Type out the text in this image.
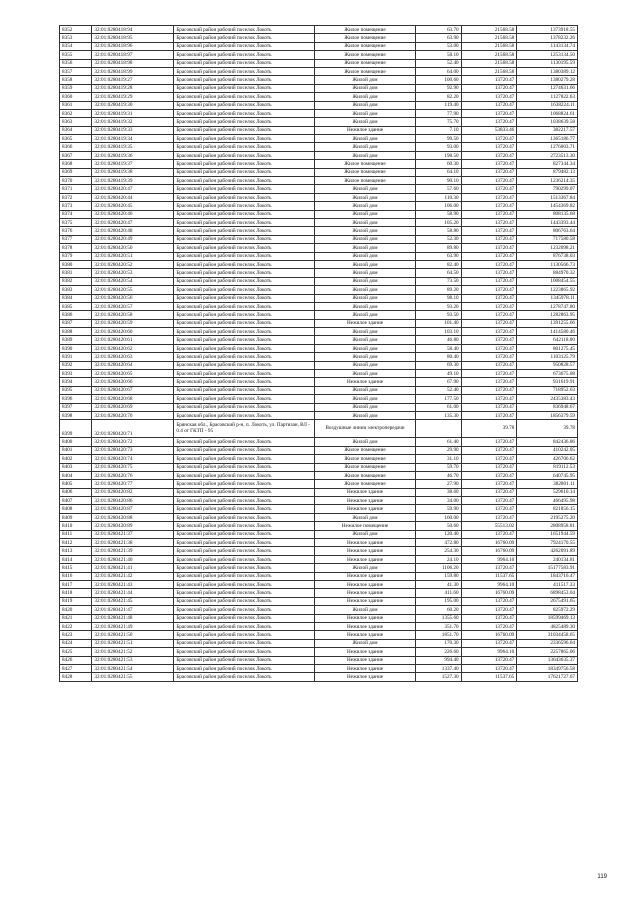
8352	32:01:0280418:94	Брасовский район рабочий поселок Локоть	Жилое помещение	63.70	21568.58	1373918.55
8353	32:01:0280418:95	Брасовский район рабочий поселок Локоть	Жилое помещение	63.90	21568.58	1378232.26
8354	32:01:0280418:96	Брасовский район рабочий поселок Локоть	Жилое помещение	53.00	21568.58	1143134.74
8355	32:01:0280418:97	Брасовский район рабочий поселок Локоть	Жилое помещение	58.10	21568.58	1253134.50
8356	32:01:0280418:98	Брасовский район рабочий поселок Локоть	Жилое помещение	52.40	21568.58	1130195.59
8357	32:01:0280418:99	Брасовский район рабочий поселок Локоть	Жилое помещение	64.00	21568.58	1380389.12
8358	32:01:0280419:27	Брасовский район рабочий поселок Локоть	Жилой дом	100.60	13720.47	1380279.28
8359	32:01:0280419:28	Брасовский район рабочий поселок Локоть	Жилой дом	92.90	13720.47	1274631.66
8360	32:01:0280419:29	Брасовский район рабочий поселок Локоть	Жилой дом	82.20	13720.47	1127822.63
8361	32:01:0280419:30	Брасовский район рабочий поселок Локоть	Жилой дом	119.40	13720.47	1638224.11
8362	32:01:0280419:31	Брасовский район рабочий поселок Локоть	Жилой дом	77.90	13720.47	1068824.61
8363	32:01:0280419:32	Брасовский район рабочий поселок Локоть	Жилой дом	75.70	13720.47	1038639.58
8364	32:01:0280419:33	Брасовский район рабочий поселок Локоть	Нежилое здание	7.10	53833.46	382217.57
8365	32:01:0280419:34	Брасовский район рабочий поселок Локоть	Жилой дом	99.50	13720.47	1365186.77
8366	32:01:0280419:35	Брасовский район рабочий поселок Локоть	Жилой дом	93.00	13720.47	1276003.71
8367	32:01:0280419:36	Брасовский район рабочий поселок Локоть	Жилой дом	198.50	13720.47	2723513.30
8368	32:01:0280419:37	Брасовский район рабочий поселок Локоть	Жилое помещение	60.30	13720.47	827344.34
8369	32:01:0280419:38	Брасовский район рабочий поселок Локоть	Жилое помещение	64.10	13720.47	879482.13
8370	32:01:0280419:39	Брасовский район рабочий поселок Локоть	Жилое помещение	90.10	13720.47	1236214.35
8371	32:01:0280420:47	Брасовский район рабочий поселок Локоть	Жилой дом	57.60	13720.47	790299.07
8372	32:01:0280420:44	Брасовский район рабочий поселок Локоть	Жилой дом	110.30	13720.47	1513367.84
8373	32:01:0280420:45	Брасовский район рабочий поселок Локоть	Жилой дом	106.00	13720.47	1454369.82
8374	32:01:0280420:46	Брасовский район рабочий поселок Локоть	Жилой дом	58.90	13720.47	808135.68
8375	32:01:0280420:47	Брасовский район рабочий поселок Локоть	Жилой дом	105.20	13720.47	1443393.44
8376	32:01:0280420:48	Брасовский район рабочий поселок Локоть	Жилой дом	58.80	13720.47	806763.64
8377	32:01:0280420:49	Брасовский район рабочий поселок Локоть	Жилой дом	52.30	13720.47	717580.58
8378	32:01:0280420:50	Брасовский район рабочий поселок Локоть	Жилой дом	89.80	13720.47	1232098.21
8379	32:01:0280420:51	Брасовский район рабочий поселок Локоть	Жилой дом	63.90	13720.47	876738.03
8380	32:01:0280420:52	Брасовский район рабочий поселок Локоть	Жилой дом	82.40	13720.47	1130566.73
8381	32:01:0280420:53	Брасовский район рабочий поселок Локоть	Жилой дом	64.50	13720.47	884970.32
8382	32:01:0280420:54	Брасовский район рабочий поселок Локоть	Жилой дом	73.50	13720.47	1008454.55
8383	32:01:0280420:55	Брасовский район рабочий поселок Локоть	Жилой дом	89.20	13720.47	1223865.92
8384	32:01:0280420:56	Брасовский район рабочий поселок Локоть	Жилой дом	98.10	13720.47	1345978.11
8385	32:01:0280420:57	Брасовский район рабочий поселок Локоть	Жилой дом	93.20	13720.47	1278747.80
8386	32:01:0280420:58	Брасовский район рабочий поселок Локоть	Жилой дом	93.50	13720.47	1282863.95
8387	32:01:0280420:59	Брасовский район рабочий поселок Локоть	Нежилое здание	101.40	13720.47	1391255.66
8388	32:01:0280420:60	Брасовский район рабочий поселок Локоть	Жилой дом	103.10	13720.47	1414580.46
8389	32:01:0280420:61	Брасовский район рабочий поселок Локоть	Жилой дом	46.80	13720.47	642118.00
8390	32:01:0280420:62	Брасовский район рабочий поселок Локоть	Жилой дом	58.40	13720.47	801275.45
8391	32:01:0280420:63	Брасовский район рабочий поселок Локоть	Жилой дом	80.40	13720.47	1103125.79
8392	32:01:0280420:64	Брасовский район рабочий поселок Локоть	Жилой дом	69.30	13720.47	950828.57
8393	32:01:0280420:65	Брасовский район рабочий поселок Локоть	Жилой дом	49.10	13720.47	673675.08
8394	32:01:0280420:66	Брасовский район рабочий поселок Локоть	Нежилое здание	67.90	13720.47	931619.91
8395	32:01:0280420:67	Брасовский район рабочий поселок Локоть	Жилой дом	52.40	13720.47	718952.63
8396	32:01:0280420:68	Брасовский район рабочий поселок Локоть	Жилой дом	177.50	13720.47	2435383.43
8397	32:01:0280420:69	Брасовский район рабочий поселок Локоть	Жилой дом	61.00	13720.47	836948.67
8398	32:01:0280420:70	Брасовский район рабочий поселок Локоть	Жилой дом	135.30	13720.47	1856379.59
8399	32:01:0280420:71	Брянская обл., Брасовский р-н, п. Локоть, ул. Партизан, ВЛ - 0.4 от ГКТП - 95	Воздушные линии электропередачи		39.78	39.78
8400	32:01:0280420:72	Брасовский район рабочий поселок Локоть	Жилой дом	61.40	13720.47	842436.86
8401	32:01:0280420:73	Брасовский район рабочий поселок Локоть	Жилое помещение	29.90	13720.47	410242.05
8402	32:01:0280420:74	Брасовский район рабочий поселок Локоть	Жилое помещение	31.10	13720.47	426706.62
8403	32:01:0280420:75	Брасовский район рабочий поселок Локоть	Жилое помещение	59.70	13720.47	819112.53
8404	32:01:0280420:76	Брасовский район рабочий поселок Локоть	Жилое помещение	46.70	13720.47	640745.95
8405	32:01:0280420:77	Брасовский район рабочий поселок Локоть	Жилое помещение	27.90	13720.47	382801.11
8406	32:01:0280420:82	Брасовский район рабочий поселок Локоть	Нежилое здание	38.60	13720.47	529610.14
8407	32:01:0280420:86	Брасовский район рабочий поселок Локоть	Нежилое здание	34.00	13720.47	466495.98
8408	32:01:0280420:87	Брасовский район рабочий поселок Локоть	Нежилое здание	59.90	13720.47	821856.15
8409	32:01:0280420:88	Брасовский район рабочий поселок Локоть	Жилой дом	160.00	13720.47	2195275.20
8410	32:01:0280420:89	Брасовский район рабочий поселок Локоть	Нежилое помещение	50.60	55513.02	2808958.81
8411	32:01:0280421:37	Брасовский район рабочий поселок Локоть	Жилой дом	120.40	13720.47	1651944.59
8412	32:01:0280421:38	Брасовский район рабочий поселок Локоть	Нежилое здание	472.80	16760.09	7924170.55
8413	32:01:0280421:39	Брасовский район рабочий поселок Локоть	Нежилое здание	254.30	16760.09	4262091.89
8414	32:01:0280421:40	Брасовский район рабочий поселок Локоть	Нежилое здание	24.10	9964.10	240134.81
8415	32:01:0280421:41	Брасовский район рабочий поселок Локоть	Жилой дом	1106.20	13720.47	15177583.91
8416	32:01:0280421:42	Брасовский район рабочий поселок Локоть	Нежилое здание	159.80	11537.65	1843716.47
8417	32:01:0280421:43	Брасовский район рабочий поселок Локоть	Нежилое здание	41.30	9964.10	411517.33
8418	32:01:0280421:44	Брасовский район рабочий поселок Локоть	Нежилое здание	411.60	16760.09	6898453.04
8419	32:01:0280421:45	Брасовский район рабочий поселок Локоть	Нежилое здание	195.00	13720.47	2675491.65
8420	32:01:0280421:47	Брасовский район рабочий поселок Локоть	Жилой дом	60.20	13720.47	825972.29
8421	32:01:0280421:48	Брасовский район рабочий поселок Локоть	Нежилое здание	1355.60	13720.47	18599469.13
8422	32:01:0280421:49	Брасовский район рабочий поселок Локоть	Нежилое здание	351.70	13720.47	4825489.30
8423	32:01:0280421:50	Брасовский район рабочий поселок Локоть	Нежилое здание	1851.70	16760.09	31034458.65
8424	32:01:0280421:51	Брасовский район рабочий поселок Локоть	Жилой дом	170.30	13720.47	2336596.04
8425	32:01:0280421:52	Брасовский район рабочий поселок Локоть	Нежилое здание	226.60	9964.10	2257865.06
8426	32:01:0280421:53	Брасовский район рабочий поселок Локоть	Нежилое здание	994.40	13720.47	13643635.37
8427	32:01:0280421:54	Брасовский район рабочий поселок Локоть	Нежилое здание	1337.40	13720.47	18349756.58
8428	32:01:0280421:55	Брасовский район рабочий поселок Локоть	Нежилое здание	1527.30	11537.65	17621727.67
119
